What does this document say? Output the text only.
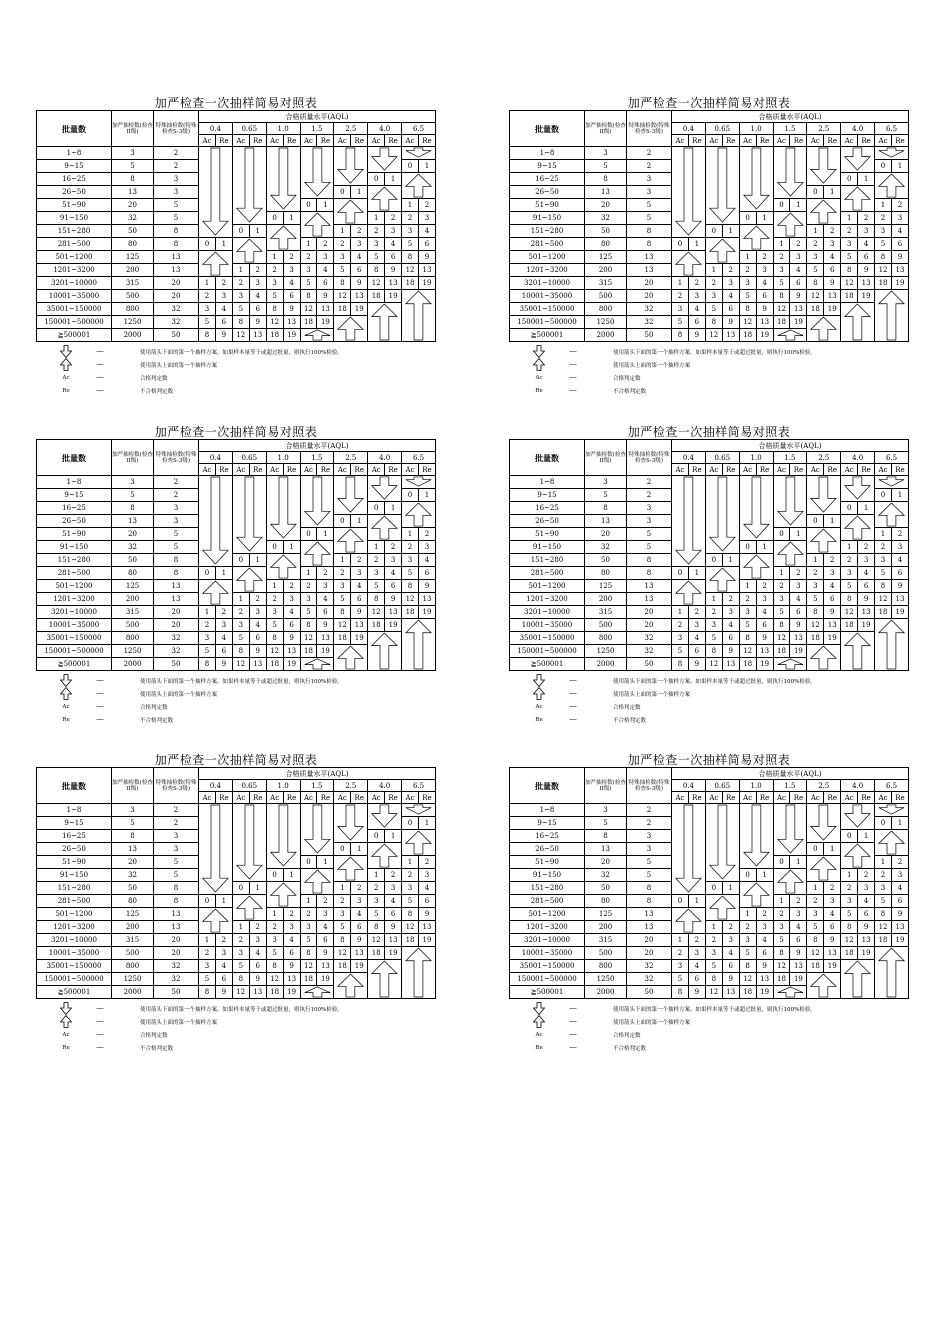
加严检查一次抽样简易对照表
批量数	加严抽检数(检查II级)	特殊抽检数(特殊检查S-3级)	合格质量水平(AQL)													
			0.4		0.65		1.0		1.5		2.5		4.0		6.5	
			Ac	Re	Ac	Re	Ac	Re	Ac	Re	Ac	Re	Ac	Re	Ac	Re
1~8	3	2	

9~15	5	2													0	1
16~25	8	3											0	1	

26~50	13	3									0	1	

51~90	20	5							0	1					1	2
91~150	32	5					0	1					1	2	2	3
151~280	50	8			0	1					1	2	2	3	3	4
281~500	80	8	0	1					1	2	2	3	3	4	5	6
501~1200	125	13					1	2	2	3	3	4	5	6	8	9
1201~3200	200	13			1	2	2	3	3	4	5	6	8	9	12	13
3201~10000	315	20	1	2	2	3	3	4	5	6	8	9	12	13	18	19
10001~35000	500	20	2	3	3	4	5	6	8	9	12	13	18	19	

35001~150000	800	32	3	4	5	6	8	9	12	13	18	19	

150001~500000	1250	32	5	6	8	9	12	13	18	19	

≧500001	2000	50	8	9	12	13	18	19	
--------	使用箭头下面的第一个抽样方案。如果样本量等于或超过批量，则执行100%检验。
--------	使用箭头上面的第一个抽样方案
Ac	--------	合格判定数
Re	--------	不合格判定数
加严检查一次抽样简易对照表
批量数	加严抽检数(检查II级)	特殊抽检数(特殊检查S-3级)	合格质量水平(AQL)													
			0.4		0.65		1.0		1.5		2.5		4.0		6.5	
			Ac	Re	Ac	Re	Ac	Re	Ac	Re	Ac	Re	Ac	Re	Ac	Re
1~8	3	2	

9~15	5	2													0	1
16~25	8	3											0	1	

26~50	13	3									0	1	

51~90	20	5							0	1					1	2
91~150	32	5					0	1					1	2	2	3
151~280	50	8			0	1					1	2	2	3	3	4
281~500	80	8	0	1					1	2	2	3	3	4	5	6
501~1200	125	13					1	2	2	3	3	4	5	6	8	9
1201~3200	200	13			1	2	2	3	3	4	5	6	8	9	12	13
3201~10000	315	20	1	2	2	3	3	4	5	6	8	9	12	13	18	19
10001~35000	500	20	2	3	3	4	5	6	8	9	12	13	18	19	

35001~150000	800	32	3	4	5	6	8	9	12	13	18	19	

150001~500000	1250	32	5	6	8	9	12	13	18	19	

≧500001	2000	50	8	9	12	13	18	19	
--------	使用箭头下面的第一个抽样方案。如果样本量等于或超过批量，则执行100%检验。
--------	使用箭头上面的第一个抽样方案
Ac	--------	合格判定数
Re	--------	不合格判定数
加严检查一次抽样简易对照表
批量数	加严抽检数(检查II级)	特殊抽检数(特殊检查S-3级)	合格质量水平(AQL)													
			0.4		0.65		1.0		1.5		2.5		4.0		6.5	
			Ac	Re	Ac	Re	Ac	Re	Ac	Re	Ac	Re	Ac	Re	Ac	Re
1~8	3	2	

9~15	5	2													0	1
16~25	8	3											0	1	

26~50	13	3									0	1	

51~90	20	5							0	1					1	2
91~150	32	5					0	1					1	2	2	3
151~280	50	8			0	1					1	2	2	3	3	4
281~500	80	8	0	1					1	2	2	3	3	4	5	6
501~1200	125	13					1	2	2	3	3	4	5	6	8	9
1201~3200	200	13			1	2	2	3	3	4	5	6	8	9	12	13
3201~10000	315	20	1	2	2	3	3	4	5	6	8	9	12	13	18	19
10001~35000	500	20	2	3	3	4	5	6	8	9	12	13	18	19	

35001~150000	800	32	3	4	5	6	8	9	12	13	18	19	

150001~500000	1250	32	5	6	8	9	12	13	18	19	

≧500001	2000	50	8	9	12	13	18	19	
--------	使用箭头下面的第一个抽样方案。如果样本量等于或超过批量，则执行100%检验。
--------	使用箭头上面的第一个抽样方案
Ac	--------	合格判定数
Re	--------	不合格判定数
加严检查一次抽样简易对照表
批量数	加严抽检数(检查II级)	特殊抽检数(特殊检查S-3级)	合格质量水平(AQL)													
			0.4		0.65		1.0		1.5		2.5		4.0		6.5	
			Ac	Re	Ac	Re	Ac	Re	Ac	Re	Ac	Re	Ac	Re	Ac	Re
1~8	3	2	

9~15	5	2													0	1
16~25	8	3											0	1	

26~50	13	3									0	1	

51~90	20	5							0	1					1	2
91~150	32	5					0	1					1	2	2	3
151~280	50	8			0	1					1	2	2	3	3	4
281~500	80	8	0	1					1	2	2	3	3	4	5	6
501~1200	125	13					1	2	2	3	3	4	5	6	8	9
1201~3200	200	13			1	2	2	3	3	4	5	6	8	9	12	13
3201~10000	315	20	1	2	2	3	3	4	5	6	8	9	12	13	18	19
10001~35000	500	20	2	3	3	4	5	6	8	9	12	13	18	19	

35001~150000	800	32	3	4	5	6	8	9	12	13	18	19	

150001~500000	1250	32	5	6	8	9	12	13	18	19	

≧500001	2000	50	8	9	12	13	18	19	
--------	使用箭头下面的第一个抽样方案。如果样本量等于或超过批量，则执行100%检验。
--------	使用箭头上面的第一个抽样方案
Ac	--------	合格判定数
Re	--------	不合格判定数
加严检查一次抽样简易对照表
批量数	加严抽检数(检查II级)	特殊抽检数(特殊检查S-3级)	合格质量水平(AQL)													
			0.4		0.65		1.0		1.5		2.5		4.0		6.5	
			Ac	Re	Ac	Re	Ac	Re	Ac	Re	Ac	Re	Ac	Re	Ac	Re
1~8	3	2	

9~15	5	2													0	1
16~25	8	3											0	1	

26~50	13	3									0	1	

51~90	20	5							0	1					1	2
91~150	32	5					0	1					1	2	2	3
151~280	50	8			0	1					1	2	2	3	3	4
281~500	80	8	0	1					1	2	2	3	3	4	5	6
501~1200	125	13					1	2	2	3	3	4	5	6	8	9
1201~3200	200	13			1	2	2	3	3	4	5	6	8	9	12	13
3201~10000	315	20	1	2	2	3	3	4	5	6	8	9	12	13	18	19
10001~35000	500	20	2	3	3	4	5	6	8	9	12	13	18	19	

35001~150000	800	32	3	4	5	6	8	9	12	13	18	19	

150001~500000	1250	32	5	6	8	9	12	13	18	19	

≧500001	2000	50	8	9	12	13	18	19	
--------	使用箭头下面的第一个抽样方案。如果样本量等于或超过批量，则执行100%检验。
--------	使用箭头上面的第一个抽样方案
Ac	--------	合格判定数
Re	--------	不合格判定数
加严检查一次抽样简易对照表
批量数	加严抽检数(检查II级)	特殊抽检数(特殊检查S-3级)	合格质量水平(AQL)													
			0.4		0.65		1.0		1.5		2.5		4.0		6.5	
			Ac	Re	Ac	Re	Ac	Re	Ac	Re	Ac	Re	Ac	Re	Ac	Re
1~8	3	2	

9~15	5	2													0	1
16~25	8	3											0	1	

26~50	13	3									0	1	

51~90	20	5							0	1					1	2
91~150	32	5					0	1					1	2	2	3
151~280	50	8			0	1					1	2	2	3	3	4
281~500	80	8	0	1					1	2	2	3	3	4	5	6
501~1200	125	13					1	2	2	3	3	4	5	6	8	9
1201~3200	200	13			1	2	2	3	3	4	5	6	8	9	12	13
3201~10000	315	20	1	2	2	3	3	4	5	6	8	9	12	13	18	19
10001~35000	500	20	2	3	3	4	5	6	8	9	12	13	18	19	

35001~150000	800	32	3	4	5	6	8	9	12	13	18	19	

150001~500000	1250	32	5	6	8	9	12	13	18	19	

≧500001	2000	50	8	9	12	13	18	19	
--------	使用箭头下面的第一个抽样方案。如果样本量等于或超过批量，则执行100%检验。
--------	使用箭头上面的第一个抽样方案
Ac	--------	合格判定数
Re	--------	不合格判定数
